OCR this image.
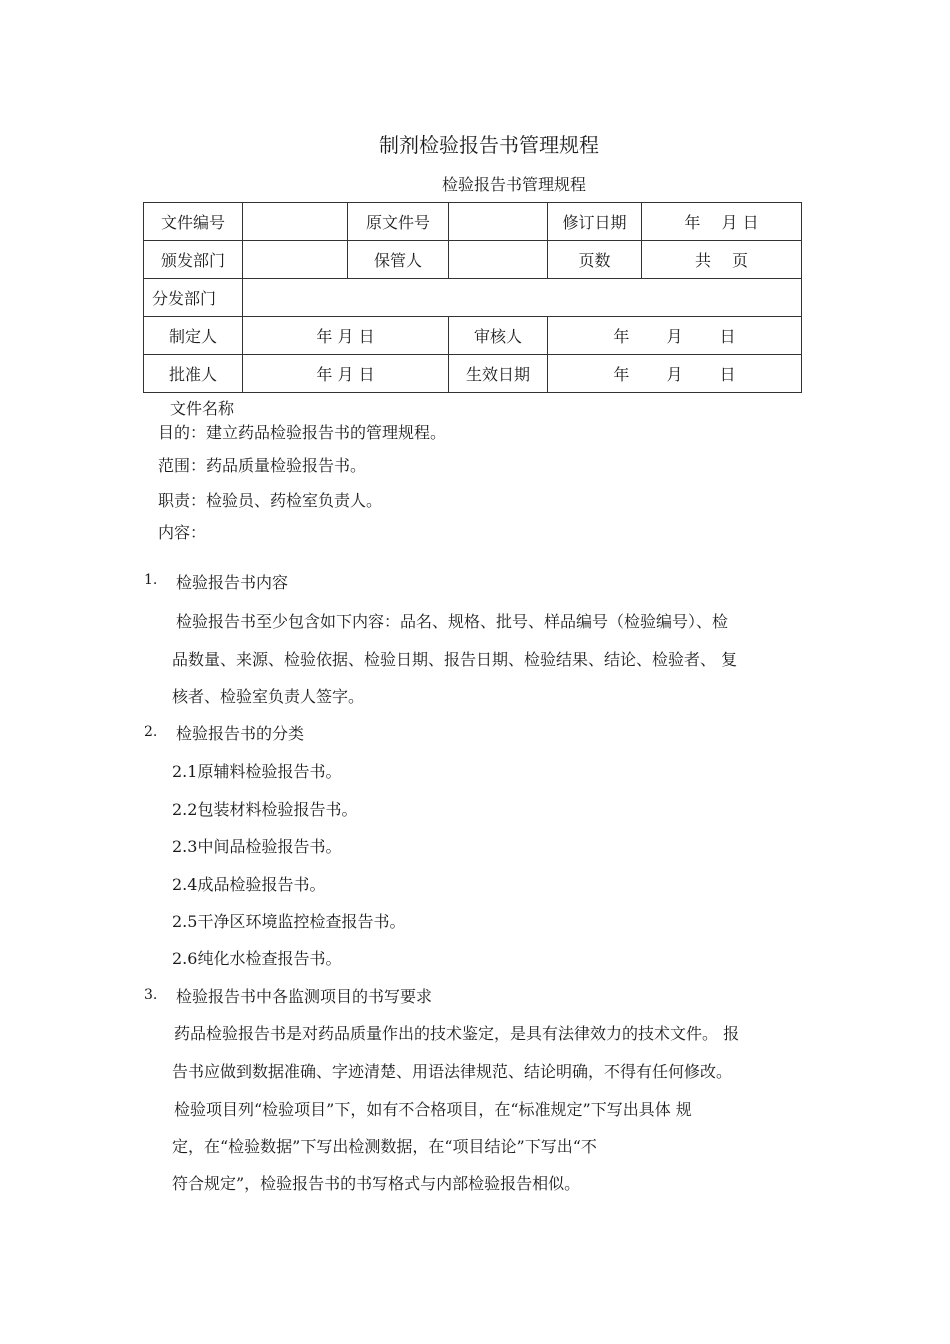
制剂检验报告书管理规程
检验报告书管理规程
文件编号		原文件号		修订日期	年　 月 日
颁发部门		保管人		页数	共　 页
分发部门					
制定人	年 月 日		审核人	年　　 月　　 日	
批准人	年 月 日		生效日期	年　　 月　　 日	
文件名称
目的：建立药品检验报告书的管理规程。
范围：药品质量检验报告书。
职责：检验员、药检室负责人。
内容：
1. 检验报告书内容
检验报告书至少包含如下内容：品名、规格、批号、样品编号（检验编号）、检
品数量、来源、检验依据、检验日期、报告日期、检验结果、结论、检验者、 复
核者、检验室负责人签字。
2. 检验报告书的分类
2.1原辅料检验报告书。
2.2包装材料检验报告书。
2.3中间品检验报告书。
2.4成品检验报告书。
2.5干净区环境监控检查报告书。
2.6纯化水检查报告书。
3. 检验报告书中各监测项目的书写要求
药品检验报告书是对药品质量作出的技术鉴定，是具有法律效力的技术文件。 报
告书应做到数据准确、字迹清楚、用语法律规范、结论明确，不得有任何修改。
检验项目列“检验项目”下，如有不合格项目，在“标准规定”下写出具体 规
定，在“检验数据”下写出检测数据，在“项目结论”下写出“不
符合规定”，检验报告书的书写格式与内部检验报告相似。
